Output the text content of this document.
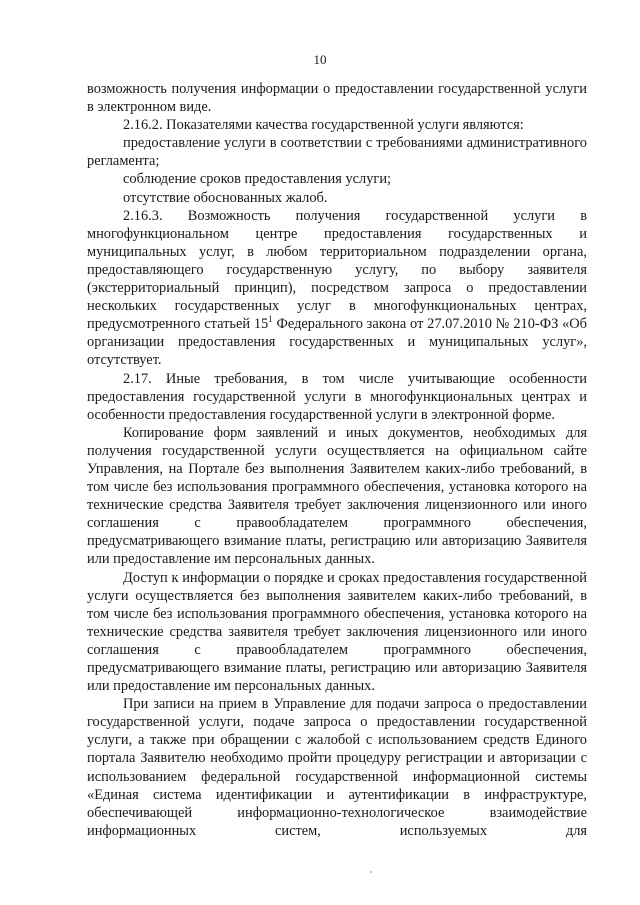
10

возможность получения информации о предоставлении государственной услуги в электронном виде.

2.16.2. Показателями качества государственной услуги являются:

предоставление услуги в соответствии с требованиями административного регламента;

соблюдение сроков предоставления услуги;

отсутствие обоснованных жалоб.

2.16.3. Возможность получения государственной услуги в многофункциональном центре предоставления государственных и муниципальных услуг, в любом территориальном подразделении органа, предоставляющего государственную услугу, по выбору заявителя (экстерриториальный принцип), посредством запроса о предоставлении нескольких государственных услуг в многофункциональных центрах, предусмотренного статьей $15^1$ Федерального закона от 27.07.2010 № 210-ФЗ «Об организации предоставления государственных и муниципальных услуг», отсутствует.

2.17. Иные требования, в том числе учитывающие особенности предоставления государственной услуги в многофункциональных центрах и особенности предоставления государственной услуги в электронной форме.

Копирование форм заявлений и иных документов, необходимых для получения государственной услуги осуществляется на официальном сайте Управления, на Портале без выполнения Заявителем каких-либо требований, в том числе без использования программного обеспечения, установка которого на технические средства Заявителя требует заключения лицензионного или иного соглашения с правообладателем программного обеспечения, предусматривающего взимание платы, регистрацию или авторизацию Заявителя или предоставление им персональных данных.

Доступ к информации о порядке и сроках предоставления государственной услуги осуществляется без выполнения заявителем каких-либо требований, в том числе без использования программного обеспечения, установка которого на технические средства заявителя требует заключения лицензионного или иного соглашения с правообладателем программного обеспечения, предусматривающего взимание платы, регистрацию или авторизацию Заявителя или предоставление им персональных данных.

При записи на прием в Управление для подачи запроса о предоставлении государственной услуги, подаче запроса о предоставлении государственной услуги, а также при обращении с жалобой с использованием средств Единого портала Заявителю необходимо пройти процедуру регистрации и авторизации с использованием федеральной государственной информационной системы «Единая система идентификации и аутентификации в инфраструктуре, обеспечивающей информационно-технологическое взаимодействие информационных систем, используемых для
